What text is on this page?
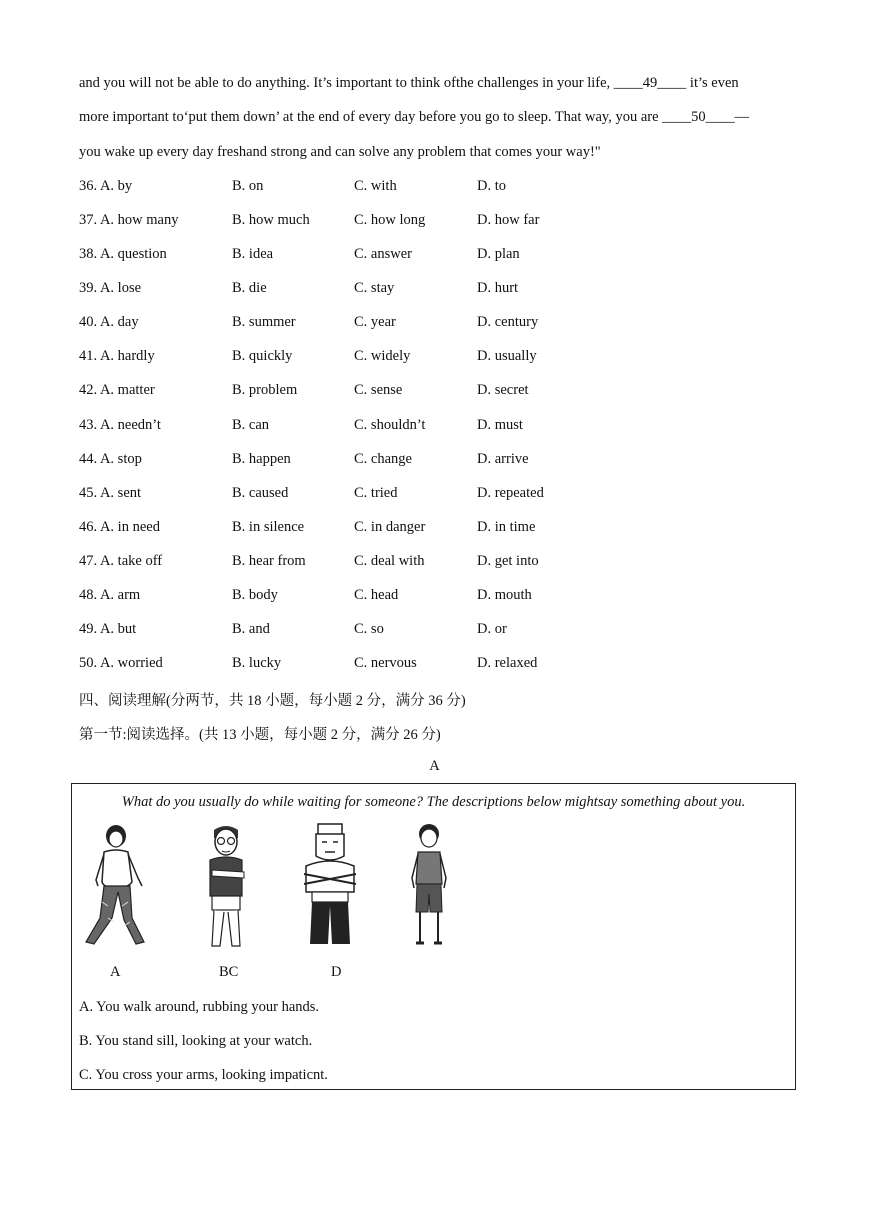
and you will not be able to do anything. It’s important to think ofthe challenges in your life, ____49____ it’s even
more important to‘put them down’ at the end of every day before you go to sleep. That way, you are ____50____—
you wake up every day freshand strong and can solve any problem that comes your way!"
36. A. by	B. on	C. with	D. to
37. A. how many	B. how much	C. how long	D. how far
38. A. question	B. idea	C. answer	D. plan
39. A. lose	B. die	C. stay	D. hurt
40. A. day	B. summer	C. year	D. century
41. A. hardly	B. quickly	C. widely	D. usually
42. A. matter	B. problem	C. sense	D. secret
43. A. needn’t	B. can	C. shouldn’t	D. must
44. A. stop	B. happen	C. change	D. arrive
45. A. sent	B. caused	C. tried	D. repeated
46. A. in need	B. in silence	C. in danger	D. in time
47. A. take off	B. hear from	C. deal with	D. get into
48. A. arm	B. body	C. head	D. mouth
49. A. but	B. and	C. so	D. or
50. A. worried	B. lucky	C. nervous	D. relaxed
四、阅读理解(分两节，共 18 小题，每小题 2 分，满分 36 分)
第一节:阅读选择。(共 13 小题，每小题 2 分，满分 26 分)
A
What do you usually do while waiting for someone? The descriptions below mightsay something about you.
A	BC	D
A. You walk around, rubbing your hands.
B. You stand sill, looking at your watch.
C. You cross your arms, looking impaticnt.
